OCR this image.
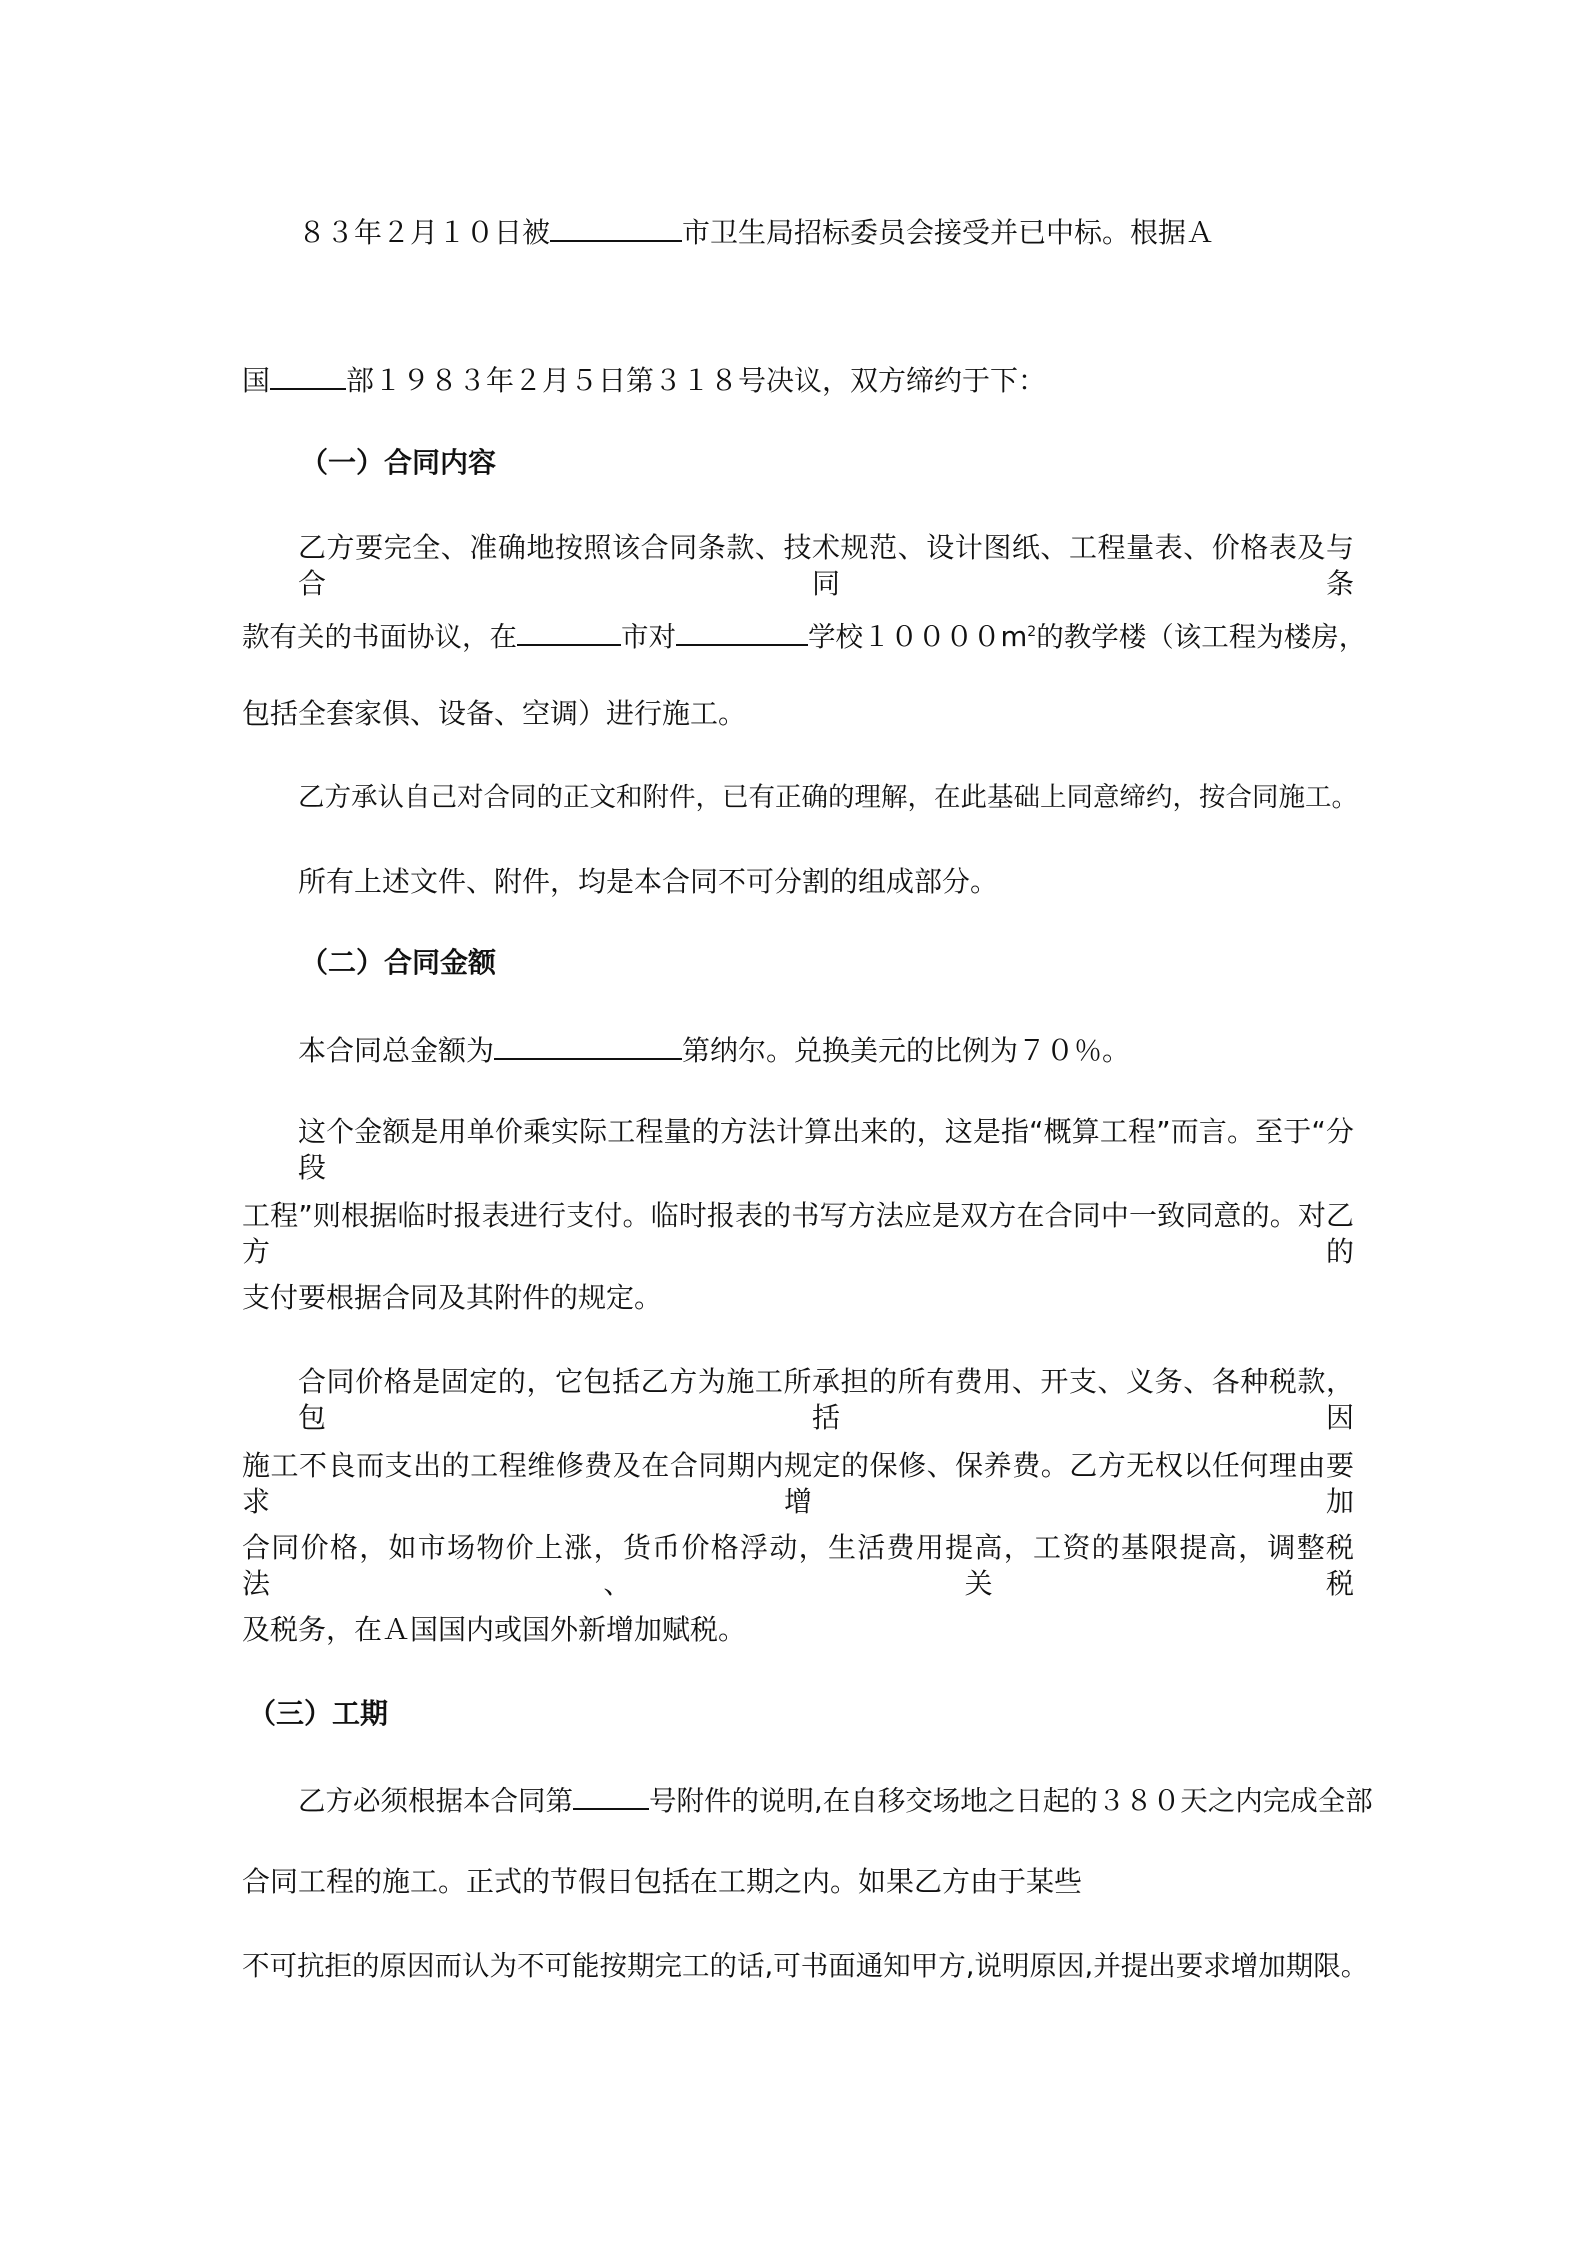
８３年２月１０日被	市卫生局招标委员会接受并已中标。根据Ａ
国	部１９８３年２月５日第３１８号决议，双方缔约于下：
（一）合同内容
乙方要完全、准确地按照该合同条款、技术规范、设计图纸、工程量表、价格表及与合同条
款有关的书面协议，在	市对	学校$10000m^2$的教学楼（该工程为楼房，
包括全套家俱、设备、空调）进行施工。
乙方承认自己对合同的正文和附件，已有正确的理解，在此基础上同意缔约，按合同施工。
所有上述文件、附件，均是本合同不可分割的组成部分。
（二）合同金额
本合同总金额为	第纳尔。兑换美元的比例为７０％。
这个金额是用单价乘实际工程量的方法计算出来的，这是指“概算工程”而言。至于“分段
工程”则根据临时报表进行支付。临时报表的书写方法应是双方在合同中一致同意的。对乙方的
支付要根据合同及其附件的规定。
合同价格是固定的，它包括乙方为施工所承担的所有费用、开支、义务、各种税款，包括因
施工不良而支出的工程维修费及在合同期内规定的保修、保养费。乙方无权以任何理由要求增加
合同价格，如市场物价上涨，货币价格浮动，生活费用提高，工资的基限提高，调整税法、关税
及税务，在Ａ国国内或国外新增加赋税。
（三）工期
乙方必须根据本合同第	号附件的说明,在自移交场地之日起的３８０天之内完成全部
合同工程的施工。正式的节假日包括在工期之内。如果乙方由于某些
不可抗拒的原因而认为不可能按期完工的话,可书面通知甲方,说明原因,并提出要求增加期限。
